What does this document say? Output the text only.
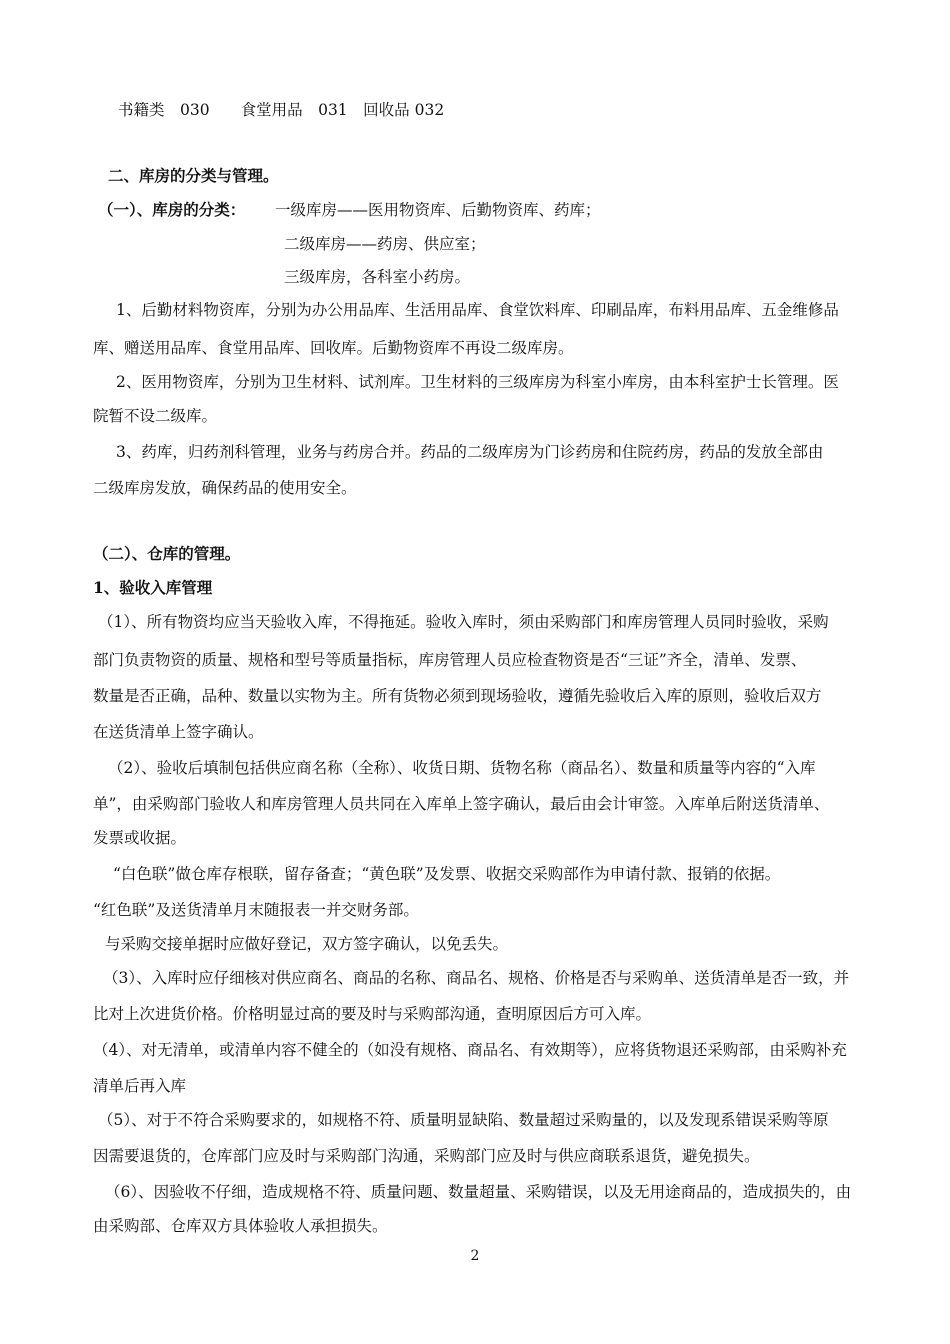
书籍类　030　　食堂用品　031　回收品 032
二、库房的分类与管理。
（一）、库房的分类： 一级库房——医用物资库、后勤物资库、药库；
二级库房——药房、供应室；
三级库房，各科室小药房。
1、后勤材料物资库，分别为办公用品库、生活用品库、食堂饮料库、印刷品库，布料用品库、五金维修品
库、赠送用品库、食堂用品库、回收库。后勤物资库不再设二级库房。
2、医用物资库，分别为卫生材料、试剂库。卫生材料的三级库房为科室小库房，由本科室护士长管理。医
院暂不设二级库。
3、药库，归药剂科管理，业务与药房合并。药品的二级库房为门诊药房和住院药房，药品的发放全部由
二级库房发放，确保药品的使用安全。
（二）、仓库的管理。
1、验收入库管理
（1）、所有物资均应当天验收入库，不得拖延。验收入库时，须由采购部门和库房管理人员同时验收，采购
部门负责物资的质量、规格和型号等质量指标，库房管理人员应检查物资是否“三证”齐全，清单、发票、
数量是否正确，品种、数量以实物为主。所有货物必须到现场验收，遵循先验收后入库的原则，验收后双方
在送货清单上签字确认。
（2）、验收后填制包括供应商名称（全称）、收货日期、货物名称（商品名）、数量和质量等内容的“入库
单”，由采购部门验收人和库房管理人员共同在入库单上签字确认，最后由会计审签。入库单后附送货清单、
发票或收据。
“白色联”做仓库存根联，留存备查；“黄色联”及发票、收据交采购部作为申请付款、报销的依据。
“红色联”及送货清单月末随报表一并交财务部。
与采购交接单据时应做好登记，双方签字确认，以免丢失。
（3）、入库时应仔细核对供应商名、商品的名称、商品名、规格、价格是否与采购单、送货清单是否一致，并
比对上次进货价格。价格明显过高的要及时与采购部沟通，查明原因后方可入库。
（4）、对无清单，或清单内容不健全的（如没有规格、商品名、有效期等），应将货物退还采购部，由采购补充
清单后再入库
（5）、对于不符合采购要求的，如规格不符、质量明显缺陷、数量超过采购量的，以及发现系错误采购等原
因需要退货的，仓库部门应及时与采购部门沟通，采购部门应及时与供应商联系退货，避免损失。
（6）、因验收不仔细，造成规格不符、质量问题、数量超量、采购错误，以及无用途商品的，造成损失的，由
由采购部、仓库双方具体验收人承担损失。
2
